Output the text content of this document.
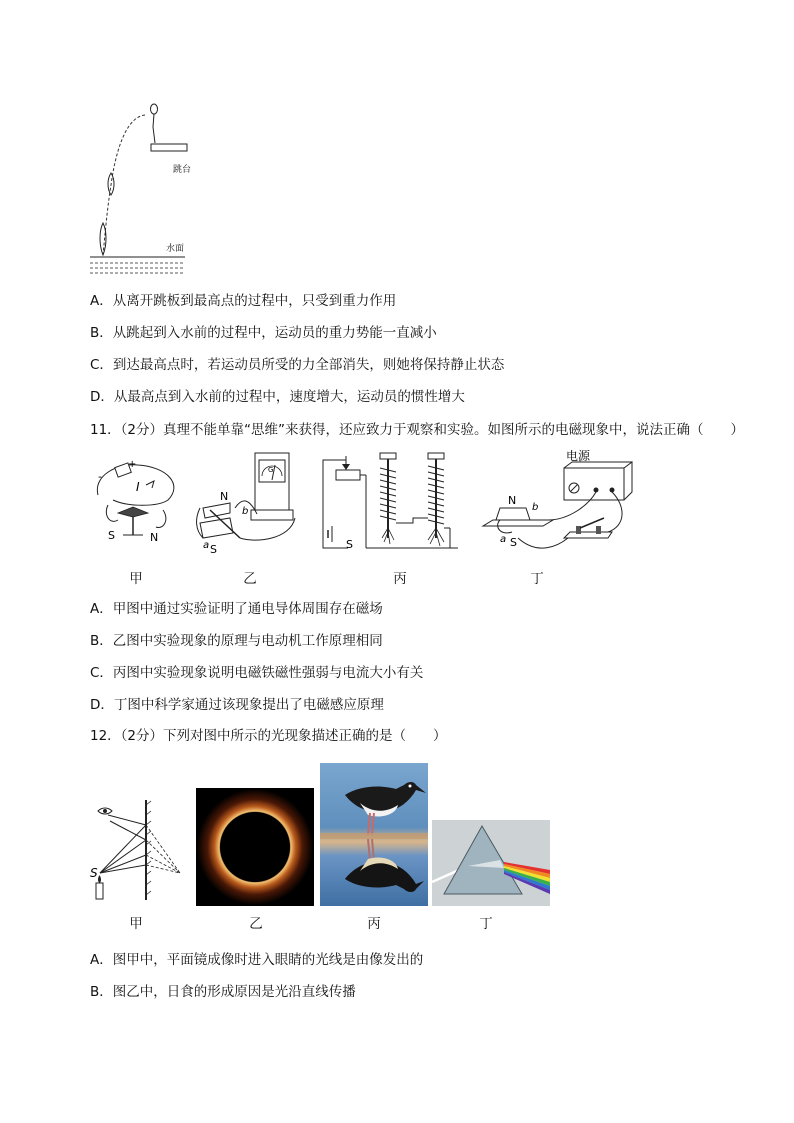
跳台
水面
A．从离开跳板到最高点的过程中，只受到重力作用
B．从跳起到入水前的过程中，运动员的重力势能一直减小
C．到达最高点时，若运动员所受的力全部消失，则她将保持静止状态
D．从最高点到入水前的过程中，速度增大，运动员的惯性增大
11．（2分）真理不能单靠“思维”来获得，还应致力于观察和实验。如图所示的电磁现象中，说法正确（　　）
+
-
I
S	N
甲
G
N
S
a
b
乙
S
丙
电源
N
b
a S
丁
A．甲图中通过实验证明了通电导体周围存在磁场
B．乙图中实验现象的原理与电动机工作原理相同
C．丙图中实验现象说明电磁铁磁性强弱与电流大小有关
D．丁图中科学家通过该现象提出了电磁感应原理
12．（2分）下列对图中所示的光现象描述正确的是（　　）
S
甲	乙	丙	丁
A．图甲中，平面镜成像时进入眼睛的光线是由像发出的
B．图乙中，日食的形成原因是光沿直线传播
